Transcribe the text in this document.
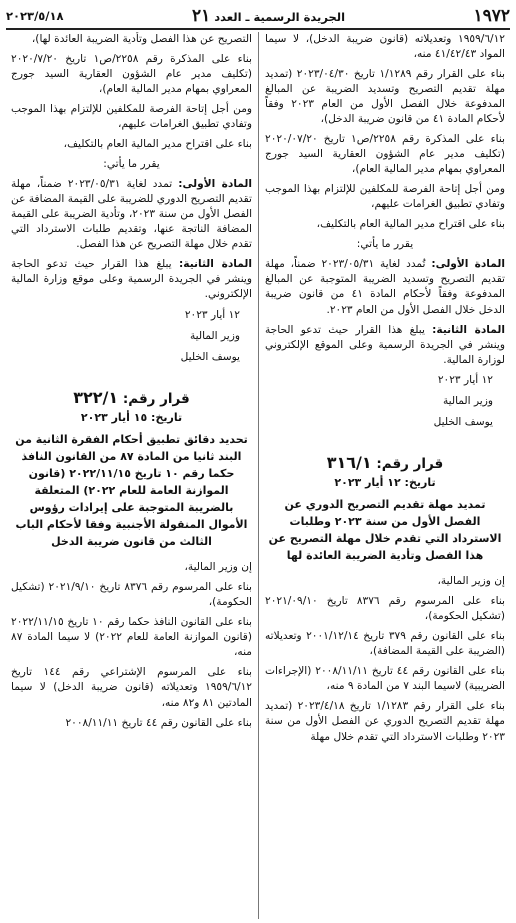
٢٠٢٣/٥/١٨	الجريدة الرسمية ـ العدد ٢١	١٩٧٢

١٩٥٩/٦/١٢ وتعديلاته (قانون ضريبة الدخل)، لا سيما المواد ٤١/٤٢/٤٣ منه،

بناء على القرار رقم ١/١٢٨٩ تاريخ ٢٠٢٣/٠٤/٣٠ (تمديد مهلة تقديم التصريح وتسديد الضريبة عن المبالغ المدفوعة خلال الفصل الأول من العام ٢٠٢٣ وفقاً لأحكام المادة ٤١ من قانون ضريبة الدخل)،

بناء على المذكرة رقم ٢٢٥٨/ص١ تاريخ ٢٠٢٠/٠٧/٢٠ (تكليف مدير عام الشؤون العقارية السيد جورج المعراوي بمهام مدير المالية العام)،

ومن أجل إتاحة الفرصة للمكلفين للإلتزام بهذا الموجب وتفادي تطبيق الغرامات عليهم،

بناء على اقتراح مدير المالية العام بالتكليف،

يقرر ما يأتي:

المادة الأولى: تُمدد لغاية ٢٠٢٣/٠٥/٣١ ضمناً، مهلة تقديم التصريح وتسديد الضريبة المتوجبة عن المبالغ المدفوعة وفقاً لأحكام المادة ٤١ من قانون ضريبة الدخل خلال الفصل الأول من العام ٢٠٢٣.

المادة الثانية: يبلغ هذا القرار حيث تدعو الحاجة وينشر في الجريدة الرسمية وعلى الموقع الإلكتروني لوزارة المالية.

١٢ أيار ٢٠٢٣
وزير المالية
يوسف الخليل
قرار رقم: ٣١٦/١
تاريخ: ١٢ أيار ٢٠٢٣
تمديد مهلة تقديم التصريح الدوري عن الفصل الأول من سنة ٢٠٢٣ وطلبات الاسترداد التي تقدم خلال مهلة التصريح عن هذا الفصل وتأدية الضريبة العائدة لها

إن وزير المالية،

بناء على المرسوم رقم ٨٣٧٦ تاريخ ٢٠٢١/٠٩/١٠ (تشكيل الحكومة)،

بناء على القانون رقم ٣٧٩ تاريخ ٢٠٠١/١٢/١٤ وتعديلاته (الضريبة على القيمة المضافة)،

بناء على القانون رقم ٤٤ تاريخ ٢٠٠٨/١١/١١ (الإجراءات الضريبية) لاسيما البند ٧ من المادة ٩ منه،

بناء على القرار رقم ١/١٢٨٣ تاريخ ٢٠٢٣/٤/١٨ (تمديد مهلة تقديم التصريح الدوري عن الفصل الأول من سنة ٢٠٢٣ وطلبات الاسترداد التي تقدم خلال مهلة

التصريح عن هذا الفصل وتأدية الضريبة العائدة لها)،

بناء على المذكرة رقم ٢٢٥٨/ص١ تاريخ ٢٠٢٠/٧/٢٠ (تكليف مدير عام الشؤون العقارية السيد جورج المعراوي بمهام مدير المالية العام)،

ومن أجل إتاحة الفرصة للمكلفين للإلتزام بهذا الموجب وتفادي تطبيق الغرامات عليهم،

بناء على اقتراح مدير المالية العام بالتكليف،

يقرر ما يأتي:

المادة الأولى: تمدد لغاية ٢٠٢٣/٠٥/٣١ ضمناً، مهلة تقديم التصريح الدوري للضريبة على القيمة المضافة عن الفصل الأول من سنة ٢٠٢٣، وتأدية الضريبة على القيمة المضافة الناتجة عنها، وتقديم طلبات الاسترداد التي تقدم خلال مهلة التصريح عن هذا الفصل.

المادة الثانية: يبلغ هذا القرار حيث تدعو الحاجة وينشر في الجريدة الرسمية وعلى موقع وزارة المالية الإلكتروني.

١٢ أيار ٢٠٢٣
وزير المالية
يوسف الخليل
قرار رقم: ٣٢٢/١
تاريخ: ١٥ أيار ٢٠٢٣
تحديد دقائق تطبيق أحكام الفقرة الثانية من البند ثانيا من المادة ٨٧ من القانون النافذ حكما رقم ١٠ تاريخ ٢٠٢٢/١١/١٥ (قانون الموازنة العامة للعام ٢٠٢٢) المتعلقة بالضريبة المتوجبة على إيرادات رؤوس الأموال المنقولة الأجنبية وفقا لأحكام الباب الثالث من قانون ضريبة الدخل

إن وزير المالية،

بناء على المرسوم رقم ٨٣٧٦ تاريخ ٢٠٢١/٩/١٠ (تشكيل الحكومة)،

بناء على القانون النافذ حكما رقم ١٠ تاريخ ٢٠٢٢/١١/١٥ (قانون الموازنة العامة للعام ٢٠٢٢) لا سيما المادة ٨٧ منه،

بناء على المرسوم الإشتراعي رقم ١٤٤ تاريخ ١٩٥٩/٦/١٢ وتعديلاته (قانون ضريبة الدخل) لا سيما المادتين ٨١ و٨٢ منه،

بناء على القانون رقم ٤٤ تاريخ ٢٠٠٨/١١/١١
